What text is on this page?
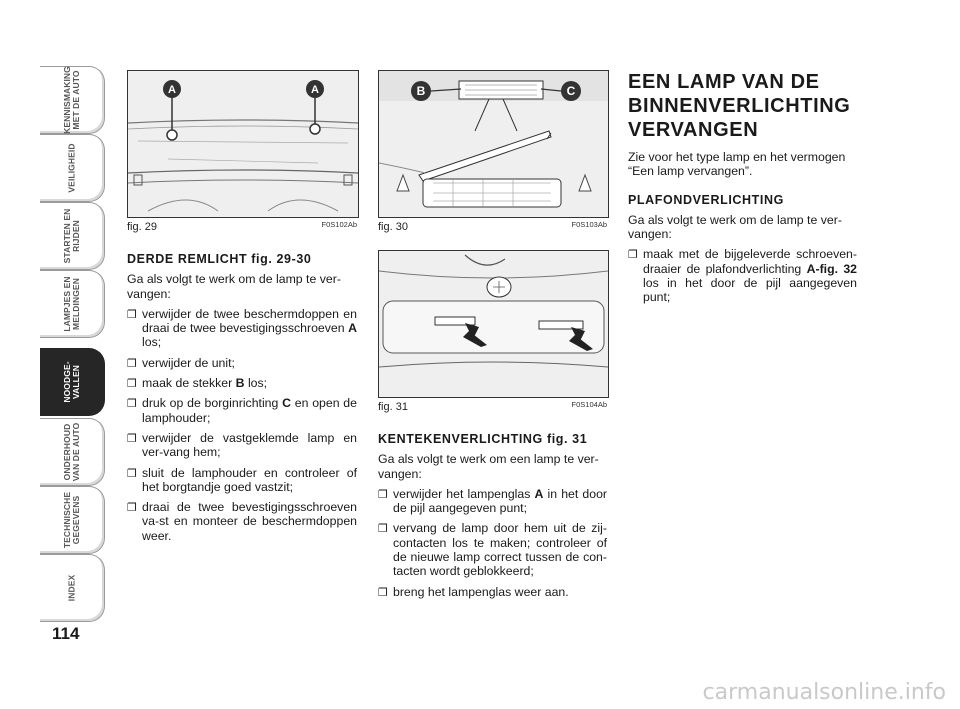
KENNISMAKING
MET DE AUTO
VEILIGHEID
STARTEN EN
RIJDEN
LAMPJES EN
MELDINGEN
NOODGE-
VALLEN
ONDERHOUD
VAN DE AUTO
TECHNISCHE
GEGEVENS
INDEX
114
A	A
fig. 29	F0S102Ab
B	C
fig. 30	F0S103Ab
fig. 31	F0S104Ab
DERDE REMLICHT fig. 29-30

Ga als volgt te werk om de lamp te ver-vangen:

❐ verwijder de twee beschermdoppen en draai de twee bevestigingsschroeven A los;
❐ verwijder de unit;
❐ maak de stekker B los;
❐ druk op de borginrichting C en open de lamphouder;
❐ verwijder de vastgeklemde lamp en ver-vang hem;
❐ sluit de lamphouder en controleer of het borgtandje goed vastzit;
❐ draai de twee bevestigingsschroeven va-st en monteer de beschermdoppen weer.
KENTEKENVERLICHTING fig. 31

Ga als volgt te werk om een lamp te ver-vangen:

❐ verwijder het lampenglas A in het door de pijl aangegeven punt;
❐ vervang de lamp door hem uit de zij-contacten los te maken; controleer of de nieuwe lamp correct tussen de con-tacten wordt geblokkeerd;
❐ breng het lampenglas weer aan.
EEN LAMP VAN DE BINNENVERLICHTING VERVANGEN

Zie voor het type lamp en het vermogen “Een lamp vervangen”.

PLAFONDVERLICHTING

Ga als volgt te werk om de lamp te ver-vangen:

❐ maak met de bijgeleverde schroeven-draaier de plafondverlichting A-fig. 32 los in het door de pijl aangegeven punt;
carmanualsonline.info
